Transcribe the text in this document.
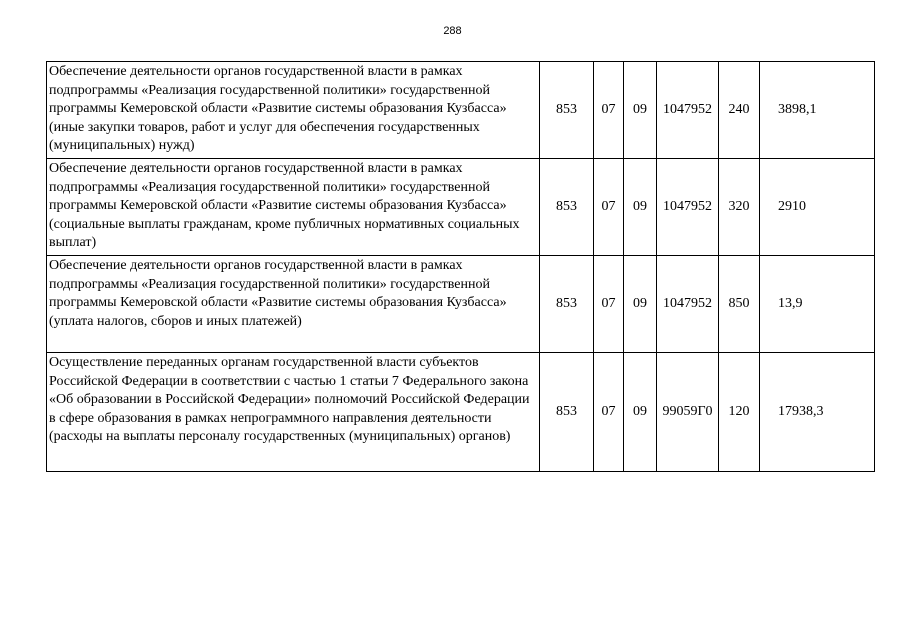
288
Обеспечение деятельности органов государственной власти в рамках подпрограммы «Реализация государственной политики» государственной программы Кемеровской области «Развитие системы образования Кузбасса» (иные закупки товаров, работ и услуг для обеспечения государственных (муниципальных) нужд)	853	07	09	1047952	240	3898,1
Обеспечение деятельности органов государственной власти в рамках подпрограммы «Реализация государственной политики» государственной программы Кемеровской области «Развитие системы образования Кузбасса» (социальные выплаты гражданам, кроме публичных нормативных социальных выплат)	853	07	09	1047952	320	2910
Обеспечение деятельности органов государственной власти в рамках подпрограммы «Реализация государственной политики» государственной программы Кемеровской области «Развитие системы образования Кузбасса» (уплата налогов, сборов и иных платежей)	853	07	09	1047952	850	13,9
Осуществление переданных органам государственной власти субъектов Российской Федерации в соответствии с частью 1 статьи 7 Федерального закона «Об образовании в Российской Федерации» полномочий Российской Федерации в сфере образования в рамках непрограммного направления деятельности (расходы на выплаты персоналу государственных (муниципальных) органов)	853	07	09	99059Г0	120	17938,3
